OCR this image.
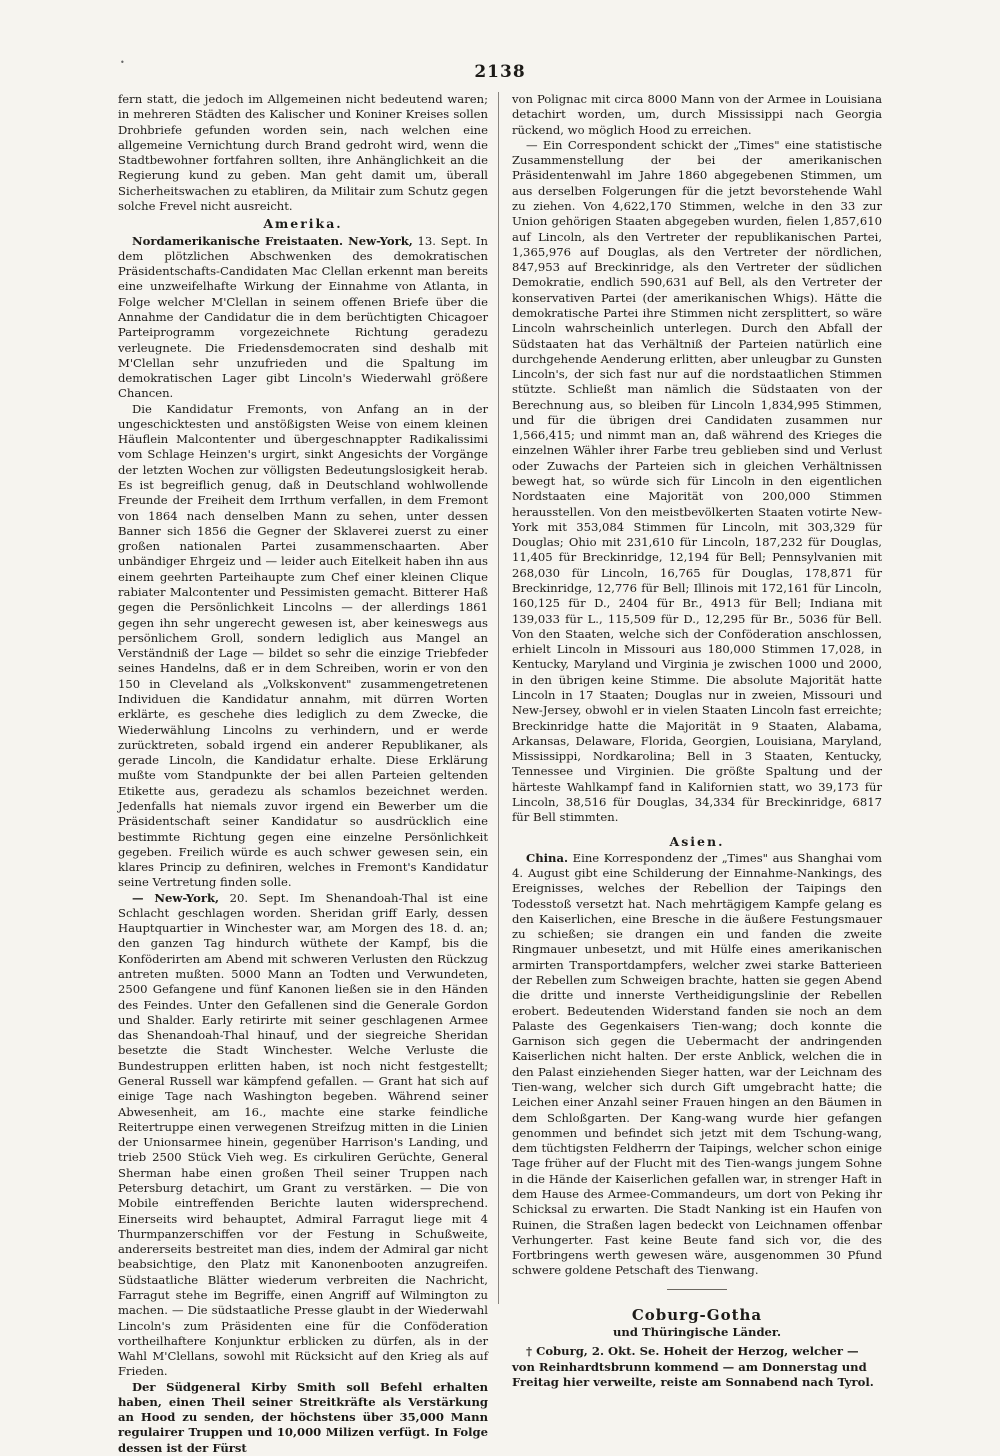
•	2138

fern statt, die jedoch im Allgemeinen nicht bedeutend waren; in mehreren Städten des Kalischer und Koniner Kreises sollen Drohbriefe gefunden worden sein, nach welchen eine allgemeine Vernichtung durch Brand gedroht wird, wenn die Stadtbewohner fortfahren sollten, ihre Anhänglichkeit an die Regierung kund zu geben. Man geht damit um, überall Sicherheitswachen zu etabliren, da Militair zum Schutz gegen solche Frevel nicht ausreicht.

Amerika.

Nordamerikanische Freistaaten. New-York, 13. Sept. In dem plötzlichen Abschwenken des demokratischen Präsidentschafts-Candidaten Mac Clellan erkennt man bereits eine unzweifelhafte Wirkung der Einnahme von Atlanta, in Folge welcher M'Clellan in seinem offenen Briefe über die Annahme der Candidatur die in dem berüchtigten Chicagoer Parteiprogramm vorgezeichnete Richtung geradezu verleugnete. Die Friedensdemocraten sind deshalb mit M'Clellan sehr unzufrieden und die Spaltung im demokratischen Lager gibt Lincoln's Wiederwahl größere Chancen.

Die Kandidatur Fremonts, von Anfang an in der ungeschicktesten und anstößigsten Weise von einem kleinen Häuflein Malcontenter und übergeschnappter Radikalissimi vom Schlage Heinzen's urgirt, sinkt Angesichts der Vorgänge der letzten Wochen zur völligsten Bedeutungslosigkeit herab. Es ist begreiflich genug, daß in Deutschland wohlwollende Freunde der Freiheit dem Irrthum verfallen, in dem Fremont von 1864 nach denselben Mann zu sehen, unter dessen Banner sich 1856 die Gegner der Sklaverei zuerst zu einer großen nationalen Partei zusammenschaarten. Aber unbändiger Ehrgeiz und — leider auch Eitelkeit haben ihn aus einem geehrten Parteihaupte zum Chef einer kleinen Clique rabiater Malcontenter und Pessimisten gemacht. Bitterer Haß gegen die Persönlichkeit Lincolns — der allerdings 1861 gegen ihn sehr ungerecht gewesen ist, aber keineswegs aus persönlichem Groll, sondern lediglich aus Mangel an Verständniß der Lage — bildet so sehr die einzige Triebfeder seines Handelns, daß er in dem Schreiben, worin er von den 150 in Cleveland als „Volkskonvent" zusammengetretenen Individuen die Kandidatur annahm, mit dürren Worten erklärte, es geschehe dies lediglich zu dem Zwecke, die Wiederwählung Lincolns zu verhindern, und er werde zurücktreten, sobald irgend ein anderer Republikaner, als gerade Lincoln, die Kandidatur erhalte. Diese Erklärung mußte vom Standpunkte der bei allen Parteien geltenden Etikette aus, geradezu als schamlos bezeichnet werden. Jedenfalls hat niemals zuvor irgend ein Bewerber um die Präsidentschaft seiner Kandidatur so ausdrücklich eine bestimmte Richtung gegen eine einzelne Persönlichkeit gegeben. Freilich würde es auch schwer gewesen sein, ein klares Princip zu definiren, welches in Fremont's Kandidatur seine Vertretung finden solle.

— New-York, 20. Sept. Im Shenandoah-Thal ist eine Schlacht geschlagen worden. Sheridan griff Early, dessen Hauptquartier in Winchester war, am Morgen des 18. d. an; den ganzen Tag hindurch wüthete der Kampf, bis die Konföderirten am Abend mit schweren Verlusten den Rückzug antreten mußten. 5000 Mann an Todten und Verwundeten, 2500 Gefangene und fünf Kanonen ließen sie in den Händen des Feindes. Unter den Gefallenen sind die Generale Gordon und Shalder. Early retirirte mit seiner geschlagenen Armee das Shenandoah-Thal hinauf, und der siegreiche Sheridan besetzte die Stadt Winchester. Welche Verluste die Bundestruppen erlitten haben, ist noch nicht festgestellt; General Russell war kämpfend gefallen. — Grant hat sich auf einige Tage nach Washington begeben. Während seiner Abwesenheit, am 16., machte eine starke feindliche Reitertruppe einen verwegenen Streifzug mitten in die Linien der Unionsarmee hinein, gegenüber Harrison's Landing, und trieb 2500 Stück Vieh weg. Es cirkuliren Gerüchte, General Sherman habe einen großen Theil seiner Truppen nach Petersburg detachirt, um Grant zu verstärken. — Die von Mobile eintreffenden Berichte lauten widersprechend. Einerseits wird behauptet, Admiral Farragut liege mit 4 Thurmpanzerschiffen vor der Festung in Schußweite, andererseits bestreitet man dies, indem der Admiral gar nicht beabsichtige, den Platz mit Kanonenbooten anzugreifen. Südstaatliche Blätter wiederum verbreiten die Nachricht, Farragut stehe im Begriffe, einen Angriff auf Wilmington zu machen. — Die südstaatliche Presse glaubt in der Wiederwahl Lincoln's zum Präsidenten eine für die Conföderation vortheilhaftere Konjunktur erblicken zu dürfen, als in der Wahl M'Clellans, sowohl mit Rücksicht auf den Krieg als auf Frieden.

Der Südgeneral Kirby Smith soll Befehl erhalten haben, einen Theil seiner Streitkräfte als Verstärkung an Hood zu senden, der höchstens über 35,000 Mann regulairer Truppen und 10,000 Milizen verfügt. In Folge dessen ist der Fürst

von Polignac mit circa 8000 Mann von der Armee in Louisiana detachirt worden, um, durch Mississippi nach Georgia rückend, wo möglich Hood zu erreichen.

— Ein Correspondent schickt der „Times" eine statistische Zusammenstellung der bei der amerikanischen Präsidentenwahl im Jahre 1860 abgegebenen Stimmen, um aus derselben Folgerungen für die jetzt bevorstehende Wahl zu ziehen. Von 4,622,170 Stimmen, welche in den 33 zur Union gehörigen Staaten abgegeben wurden, fielen 1,857,610 auf Lincoln, als den Vertreter der republikanischen Partei, 1,365,976 auf Douglas, als den Vertreter der nördlichen, 847,953 auf Breckinridge, als den Vertreter der südlichen Demokratie, endlich 590,631 auf Bell, als den Vertreter der konservativen Partei (der amerikanischen Whigs). Hätte die demokratische Partei ihre Stimmen nicht zersplittert, so wäre Lincoln wahrscheinlich unterlegen. Durch den Abfall der Südstaaten hat das Verhältniß der Parteien natürlich eine durchgehende Aenderung erlitten, aber unleugbar zu Gunsten Lincoln's, der sich fast nur auf die nordstaatlichen Stimmen stützte. Schließt man nämlich die Südstaaten von der Berechnung aus, so bleiben für Lincoln 1,834,995 Stimmen, und für die übrigen drei Candidaten zusammen nur 1,566,415; und nimmt man an, daß während des Krieges die einzelnen Wähler ihrer Farbe treu geblieben sind und Verlust oder Zuwachs der Parteien sich in gleichen Verhältnissen bewegt hat, so würde sich für Lincoln in den eigentlichen Nordstaaten eine Majorität von 200,000 Stimmen herausstellen. Von den meistbevölkerten Staaten votirte New-York mit 353,084 Stimmen für Lincoln, mit 303,329 für Douglas; Ohio mit 231,610 für Lincoln, 187,232 für Douglas, 11,405 für Breckinridge, 12,194 für Bell; Pennsylvanien mit 268,030 für Lincoln, 16,765 für Douglas, 178,871 für Breckinridge, 12,776 für Bell; Illinois mit 172,161 für Lincoln, 160,125 für D., 2404 für Br., 4913 für Bell; Indiana mit 139,033 für L., 115,509 für D., 12,295 für Br., 5036 für Bell. Von den Staaten, welche sich der Conföderation anschlossen, erhielt Lincoln in Missouri aus 180,000 Stimmen 17,028, in Kentucky, Maryland und Virginia je zwischen 1000 und 2000, in den übrigen keine Stimme. Die absolute Majorität hatte Lincoln in 17 Staaten; Douglas nur in zweien, Missouri und New-Jersey, obwohl er in vielen Staaten Lincoln fast erreichte; Breckinridge hatte die Majorität in 9 Staaten, Alabama, Arkansas, Delaware, Florida, Georgien, Louisiana, Maryland, Mississippi, Nordkarolina; Bell in 3 Staaten, Kentucky, Tennessee und Virginien. Die größte Spaltung und der härteste Wahlkampf fand in Kalifornien statt, wo 39,173 für Lincoln, 38,516 für Douglas, 34,334 für Breckinridge, 6817 für Bell stimmten.

Asien.

China. Eine Korrespondenz der „Times" aus Shanghai vom 4. August gibt eine Schilderung der Einnahme-Nankings, des Ereignisses, welches der Rebellion der Taipings den Todesstoß versetzt hat. Nach mehrtägigem Kampfe gelang es den Kaiserlichen, eine Bresche in die äußere Festungsmauer zu schießen; sie drangen ein und fanden die zweite Ringmauer unbesetzt, und mit Hülfe eines amerikanischen armirten Transportdampfers, welcher zwei starke Batterieen der Rebellen zum Schweigen brachte, hatten sie gegen Abend die dritte und innerste Vertheidigungslinie der Rebellen erobert. Bedeutenden Widerstand fanden sie noch an dem Palaste des Gegenkaisers Tien-wang; doch konnte die Garnison sich gegen die Uebermacht der andringenden Kaiserlichen nicht halten. Der erste Anblick, welchen die in den Palast einziehenden Sieger hatten, war der Leichnam des Tien-wang, welcher sich durch Gift umgebracht hatte; die Leichen einer Anzahl seiner Frauen hingen an den Bäumen in dem Schloßgarten. Der Kang-wang wurde hier gefangen genommen und befindet sich jetzt mit dem Tschung-wang, dem tüchtigsten Feldherrn der Taipings, welcher schon einige Tage früher auf der Flucht mit des Tien-wangs jungem Sohne in die Hände der Kaiserlichen gefallen war, in strenger Haft in dem Hause des Armee-Commandeurs, um dort von Peking ihr Schicksal zu erwarten. Die Stadt Nanking ist ein Haufen von Ruinen, die Straßen lagen bedeckt von Leichnamen offenbar Verhungerter. Fast keine Beute fand sich vor, die des Fortbringens werth gewesen wäre, ausgenommen 30 Pfund schwere goldene Petschaft des Tienwang.

Coburg-Gotha
und Thüringische Länder.

† Coburg, 2. Okt. Se. Hoheit der Herzog, welcher — von Reinhardtsbrunn kommend — am Donnerstag und Freitag hier verweilte, reiste am Sonnabend nach Tyrol.
